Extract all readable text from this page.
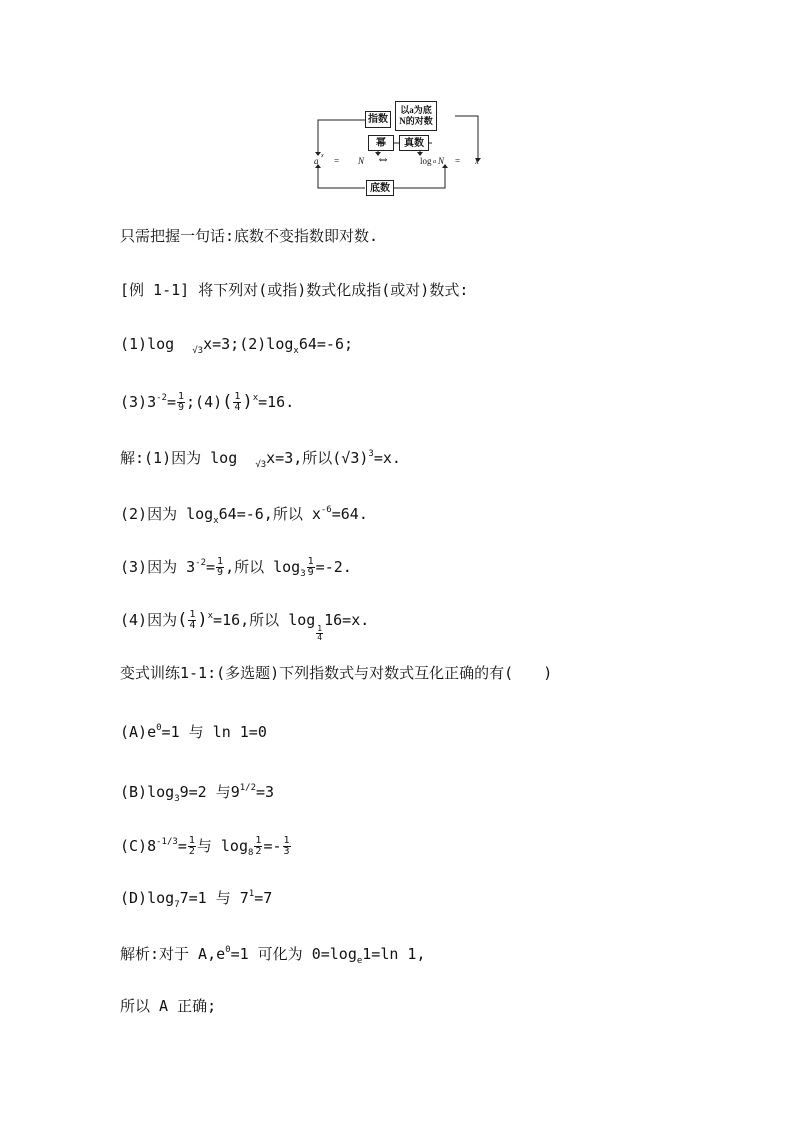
指数
以a为底
N的对数
幂	真数
底数
a x = N ⇔	log a N = x
只需把握一句话:底数不变指数即对数.
[例 1-1] 将下列对(或指)数式化成指(或对)数式:
(1)log $_{√3}x=3;(2)\log_x64=-6$;
$(3)3^{-2}= \frac{1}{9}$ ;(4)( $\frac{1}{4} )^x=16$.
解:(1)因为 log $_{√3}$x=3,所以$(√3)^3=x$.
(2)因为 $\log_x64=-6$,所以 $x^{-6}=64$.
(3)因为 $3^{-2}= \frac{1}{9}$ ,所以 $\log_3 \frac{1}{9} =-2$.
(4)因为( $\frac{1}{4} )^x=16$,所以 log
$\frac{1}{4}$
16=x.
变式训练1-1:(多选题)下列指数式与对数式互化正确的有(　　)
$(A)e^0=1$ 与 ln 1=0
$(B)\log_39=2$ 与$9^{1/2}=3$
$(C)8^{-1/3}= \frac{1}{2}$ 与 $\log_8 \frac{1}{2} =- \frac{1}{3}$
$(D)\log_77=1$ 与 $7^1=7$
解析:对于 $A,e^0=1$ 可化为 $0=\log_e1=\ln$ 1,
所以 A 正确;
